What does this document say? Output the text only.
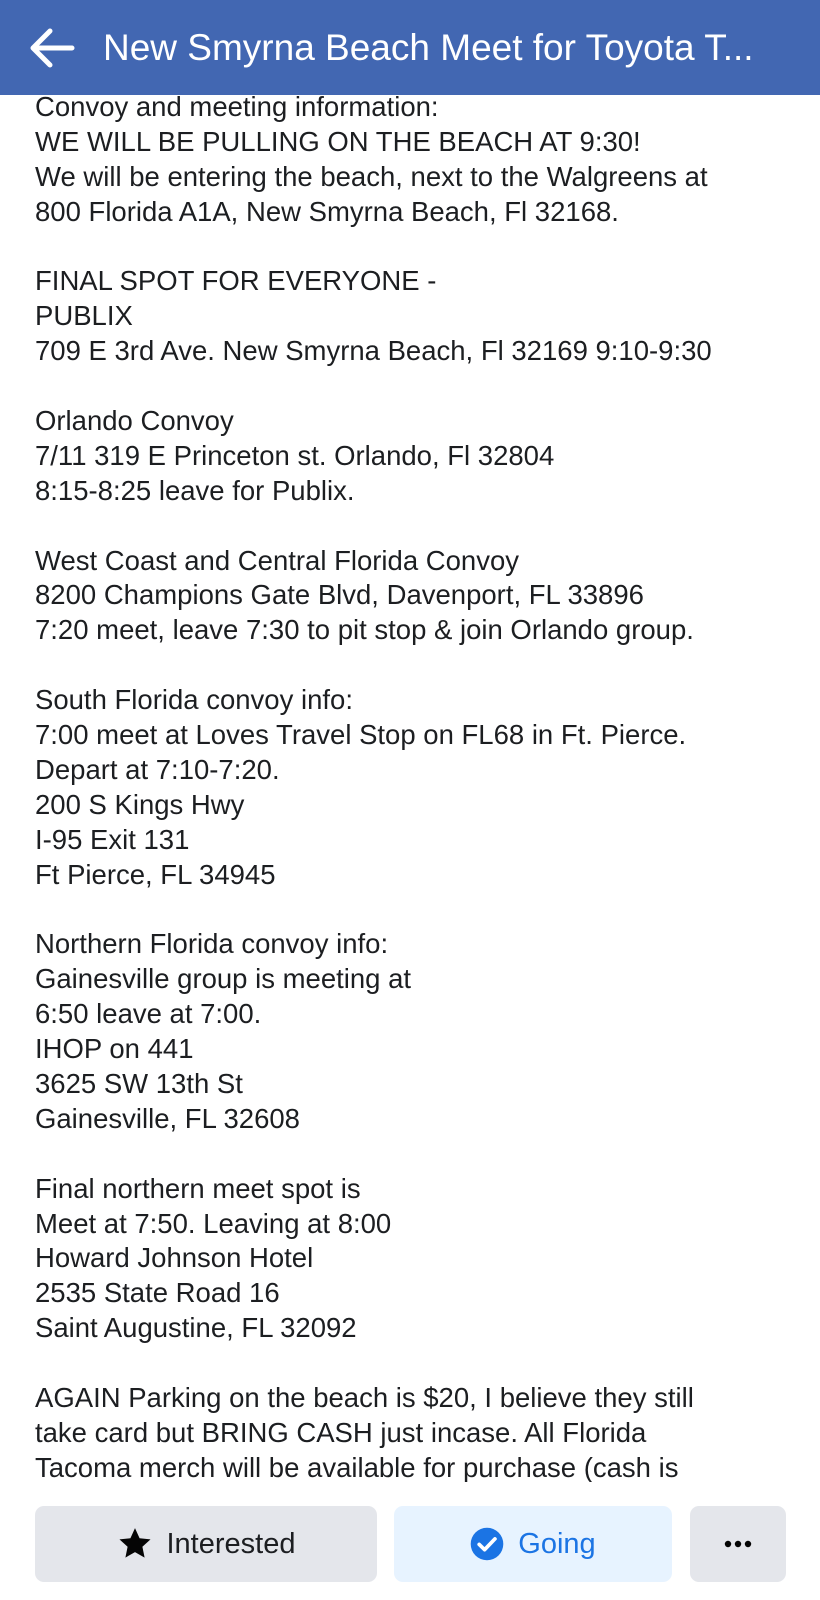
New Smyrna Beach Meet for Toyota T...
Convoy and meeting information:
WE WILL BE PULLING ON THE BEACH AT 9:30!
We will be entering the beach, next to the Walgreens at
800 Florida A1A, New Smyrna Beach, Fl 32168.
FINAL SPOT FOR EVERYONE -
PUBLIX
709 E 3rd Ave. New Smyrna Beach, Fl 32169 9:10-9:30
Orlando Convoy
7/11 319 E Princeton st. Orlando, Fl 32804
8:15-8:25 leave for Publix.
West Coast and Central Florida Convoy
8200 Champions Gate Blvd, Davenport, FL 33896
7:20 meet, leave 7:30 to pit stop & join Orlando group.
South Florida convoy info:
7:00 meet at Loves Travel Stop on FL68 in Ft. Pierce.
Depart at 7:10-7:20.
200 S Kings Hwy
I-95 Exit 131
Ft Pierce, FL 34945
Northern Florida convoy info:
Gainesville group is meeting at
6:50 leave at 7:00.
IHOP on 441
3625 SW 13th St
Gainesville, FL 32608
Final northern meet spot is
Meet at 7:50. Leaving at 8:00
Howard Johnson Hotel
2535 State Road 16
Saint Augustine, FL 32092
AGAIN Parking on the beach is $20, I believe they still
take card but BRING CASH just incase. All Florida
Tacoma merch will be available for purchase (cash is
Interested	Going
